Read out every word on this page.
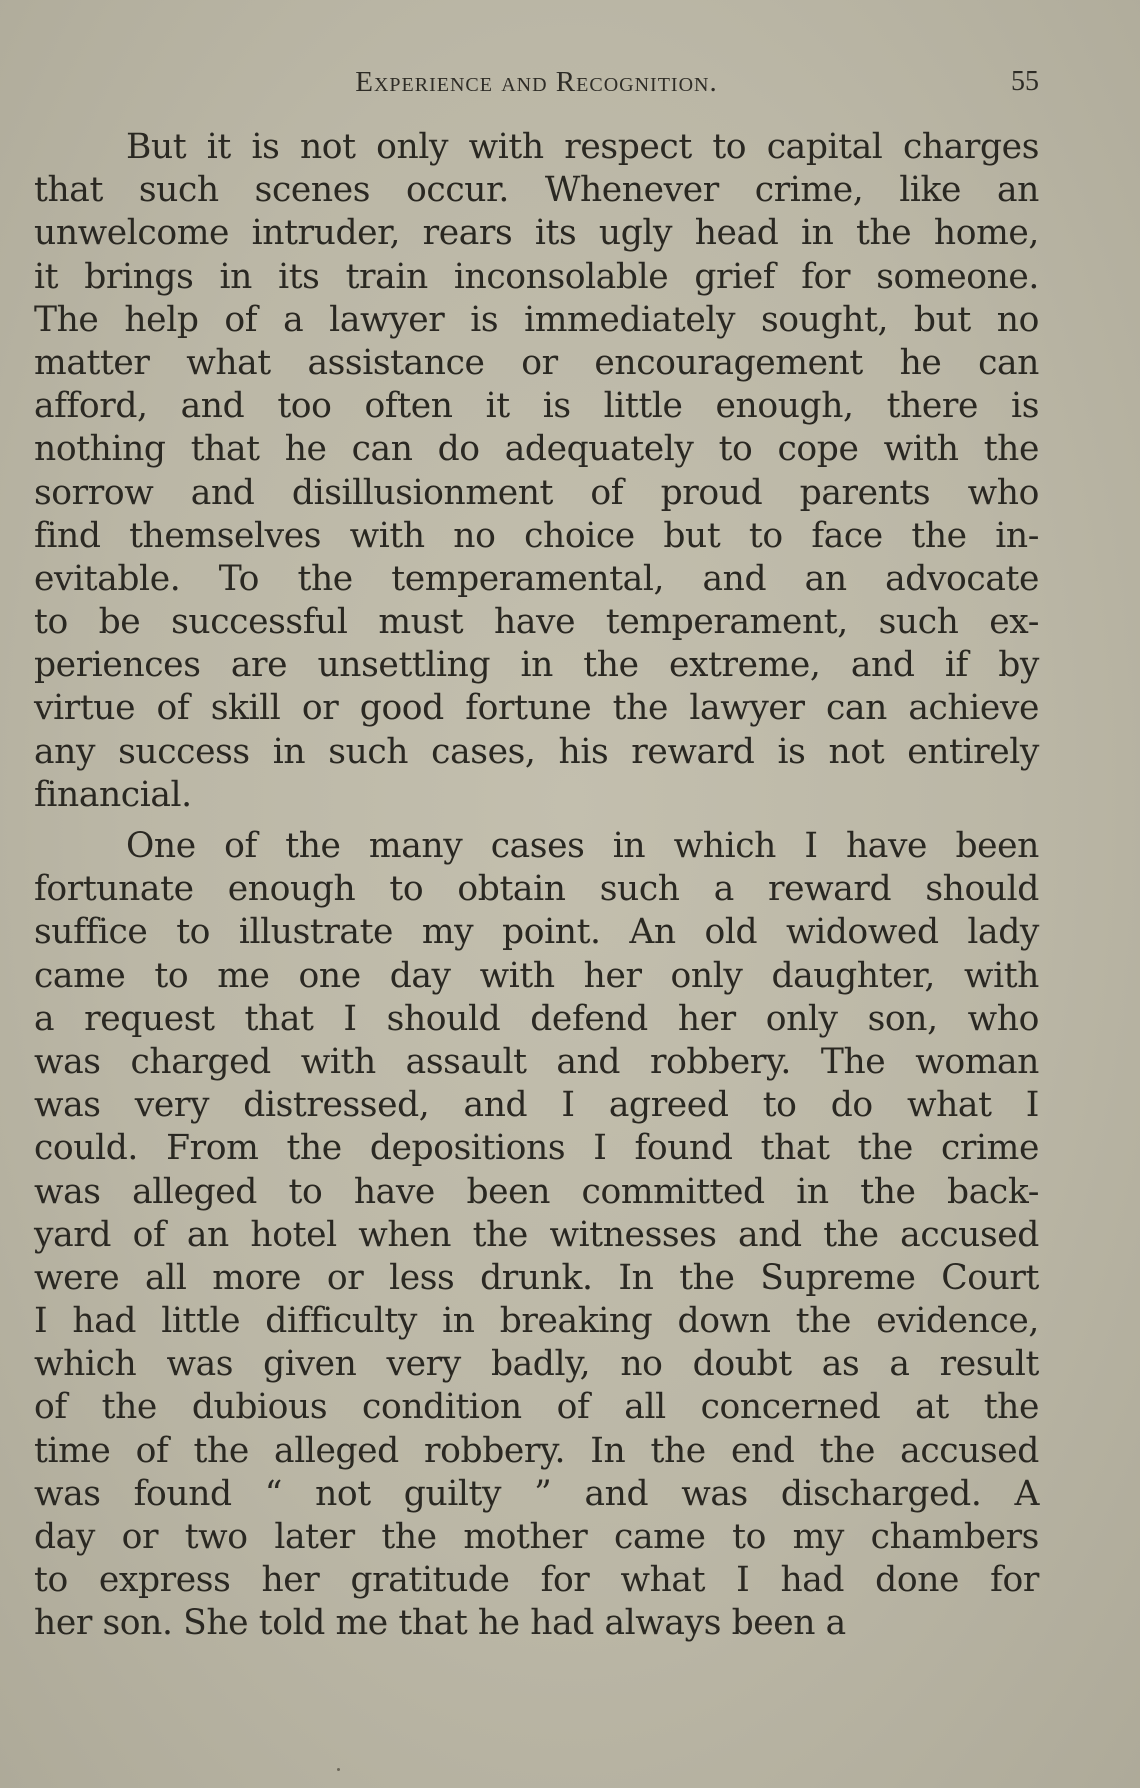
Experience and Recognition.	55
But it is not only with respect to capital charges
that such scenes occur. Whenever crime, like an
unwelcome intruder, rears its ugly head in the home,
it brings in its train inconsolable grief for someone.
The help of a lawyer is immediately sought, but no
matter what assistance or encouragement he can
afford, and too often it is little enough, there is
nothing that he can do adequately to cope with the
sorrow and disillusionment of proud parents who
find themselves with no choice but to face the in-
evitable. To the temperamental, and an advocate
to be successful must have temperament, such ex-
periences are unsettling in the extreme, and if by
virtue of skill or good fortune the lawyer can achieve
any success in such cases, his reward is not entirely
financial.
One of the many cases in which I have been
fortunate enough to obtain such a reward should
suffice to illustrate my point. An old widowed lady
came to me one day with her only daughter, with
a request that I should defend her only son, who
was charged with assault and robbery. The woman
was very distressed, and I agreed to do what I
could. From the depositions I found that the crime
was alleged to have been committed in the back-
yard of an hotel when the witnesses and the accused
were all more or less drunk. In the Supreme Court
I had little difficulty in breaking down the evidence,
which was given very badly, no doubt as a result
of the dubious condition of all concerned at the
time of the alleged robbery. In the end the accused
was found “ not guilty ” and was discharged. A
day or two later the mother came to my chambers
to express her gratitude for what I had done for
her son. She told me that he had always been a
